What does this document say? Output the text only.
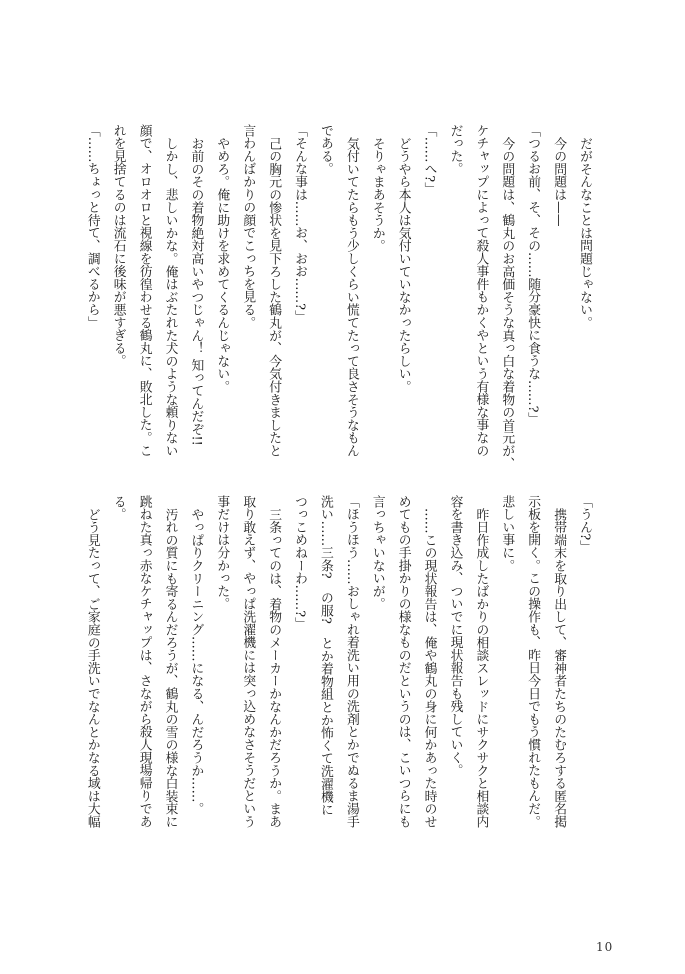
だがそんなことは問題じゃない。
今の問題は——
「つるお前、そ、その……随分豪快に食うな……?」
今の問題は、鶴丸のお高価そうな真っ白な着物の首元が、
ケチャップによって殺人事件もかくやという有様な事なの
だった。
「……へ?」
どうやら本人は気付いていなかったらしい。
そりゃまあそうか。
気付いてたらもう少しくらい慌てたって良さそうなもん
である。
「そんな事は……お、おお……?」
己の胸元の惨状を見下ろした鶴丸が、今気付きましたと
言わんばかりの顔でこっちを見る。
やめろ。俺に助けを求めてくるんじゃない。
お前のその着物絶対高いやつじゃん！ 知ってんだぞ!!
しかし、悲しいかな。俺はぶたれた犬のような頼りない
顔で、オロオロと視線を彷徨わせる鶴丸に、敗北した。こ
れを見捨てるのは流石に後味が悪すぎる。
「……ちょっと待て、調べるから」
「うん?」
携帯端末を取り出して、審神者たちのたむろする匿名掲
示板を開く。この操作も、昨日今日でもう慣れたもんだ。
悲しい事に。
昨日作成したばかりの相談スレッドにサクサクと相談内
容を書き込み、ついでに現状報告も残していく。
……この現状報告は、俺や鶴丸の身に何かあった時のせ
めてもの手掛かりの様なものだというのは、こいつらにも
言っちゃいないが。
「ほうほう……おしゃれ着洗い用の洗剤とかでぬるま湯手
洗い……三条?　の服?　とか着物組とか怖くて洗濯機に
つっこめねーわ……?」
三条ってのは、着物のメーカーかなんかだろうか。まあ
取り敢えず、やっぱ洗濯機には突っ込めなさそうだという
事だけは分かった。
やっぱりクリーニング……になる、んだろうか……。
汚れの質にも寄るんだろうが、鶴丸の雪の様な白装束に
跳ねた真っ赤なケチャップは、さながら殺人現場帰りであ
る。
どう見たって、ご家庭の手洗いでなんとかなる域は大幅
10
